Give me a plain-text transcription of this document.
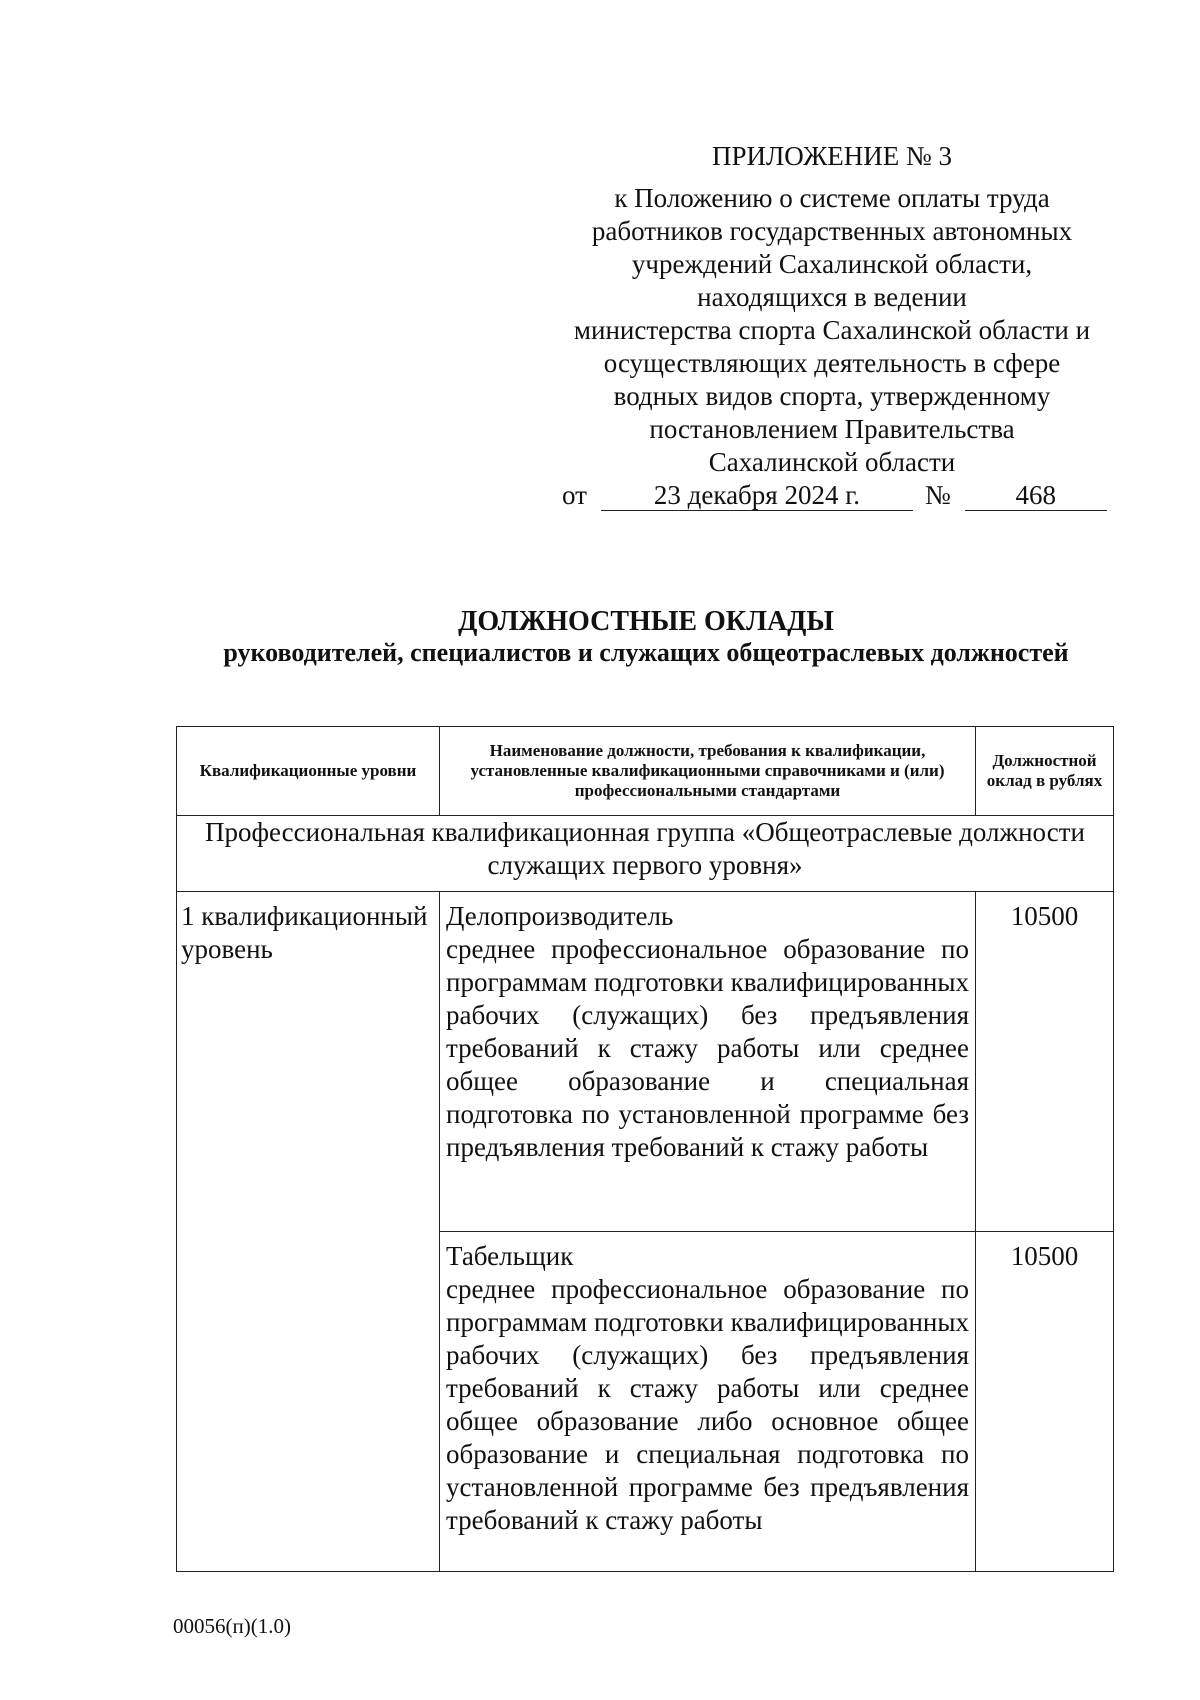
ПРИЛОЖЕНИЕ № 3
к Положению о системе оплаты труда
работников государственных автономных
учреждений Сахалинской области,
находящихся в ведении
министерства спорта Сахалинской области и
осуществляющих деятельность в сфере
водных видов спорта, утвержденному
постановлением Правительства
Сахалинской области
от	23 декабря 2024 г.	№	468
ДОЛЖНОСТНЫЕ ОКЛАДЫ
руководителей, специалистов и служащих общеотраслевых должностей
Квалификационные уровни	Наименование должности, требования к квалификации, установленные квалификационными справочниками и (или) профессиональными стандартами	Должностной оклад в рублях
Профессиональная квалификационная группа «Общеотраслевые должности служащих первого уровня»		
1 квалификационный уровень	Делопроизводитель
среднее профессиональное образование по программам подготовки квалифицированных рабочих (служащих) без предъявления требований к стажу работы или среднее общее образование и специальная подготовка по установленной программе без предъявления требований к стажу работы	10500

	Табельщик
среднее профессиональное образование по программам подготовки квалифицированных рабочих (служащих) без предъявления требований к стажу работы или среднее общее образование либо основное общее образование и специальная подготовка по установленной программе без предъявления требований к стажу работы	10500
00056(п)(1.0)
